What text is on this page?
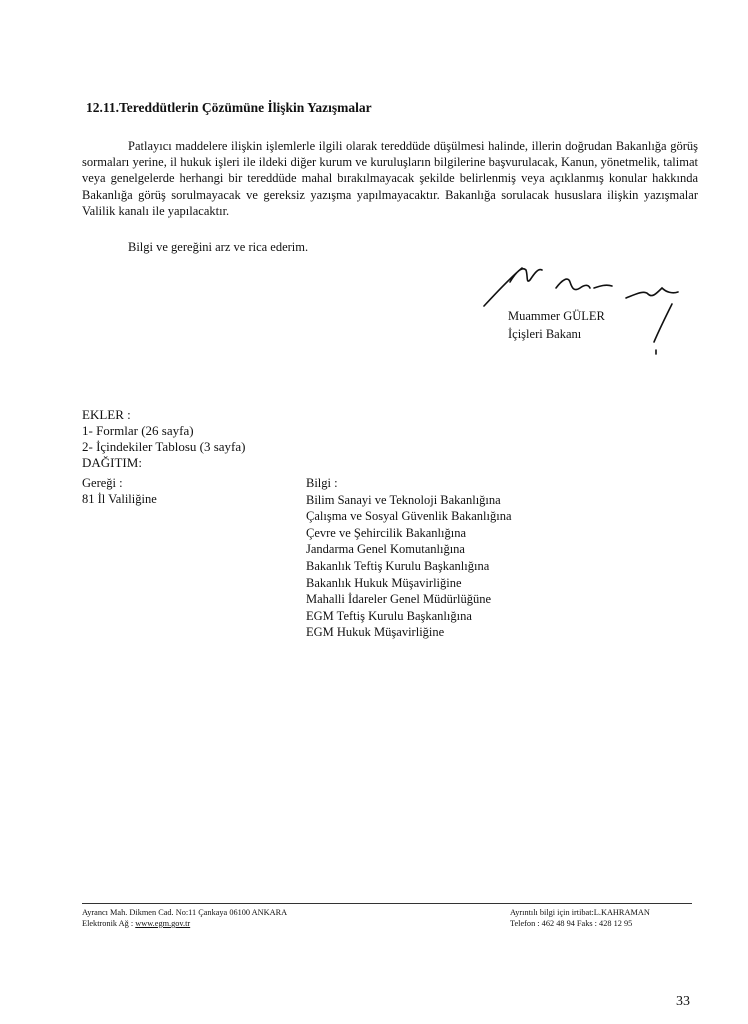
12.11.Tereddütlerin Çözümüne İlişkin Yazışmalar
Patlayıcı maddelere ilişkin işlemlerle ilgili olarak tereddüde düşülmesi halinde, illerin doğrudan Bakanlığa görüş sormaları yerine, il hukuk işleri ile ildeki diğer kurum ve kuruluşların bilgilerine başvurulacak, Kanun, yönetmelik, talimat veya genelgelerde herhangi bir tereddüde mahal bırakılmayacak şekilde belirlenmiş veya açıklanmış konular hakkında Bakanlığa görüş sorulmayacak ve gereksiz yazışma yapılmayacaktır. Bakanlığa sorulacak hususlara ilişkin yazışmalar Valilik kanalı ile yapılacaktır.
Bilgi ve gereğini arz ve rica ederim.
Muammer GÜLER
İçişleri Bakanı
EKLER :
1- Formlar (26 sayfa)
2- İçindekiler Tablosu (3 sayfa)
DAĞITIM:
Gereği :
81 İl Valiliğine
Bilgi :
Bilim Sanayi ve Teknoloji Bakanlığına
Çalışma ve Sosyal Güvenlik Bakanlığına
Çevre ve Şehircilik Bakanlığına
Jandarma Genel Komutanlığına
Bakanlık Teftiş Kurulu Başkanlığına
Bakanlık Hukuk Müşavirliğine
Mahalli İdareler Genel Müdürlüğüne
EGM Teftiş Kurulu Başkanlığına
EGM Hukuk Müşavirliğine
Ayrancı Mah. Dikmen Cad. No:11 Çankaya 06100 ANKARA
Elektronik Ağ : www.egm.gov.tr
Ayrıntılı bilgi için irtibat:L.KAHRAMAN
Telefon : 462 48 94 Faks : 428 12 95
33
